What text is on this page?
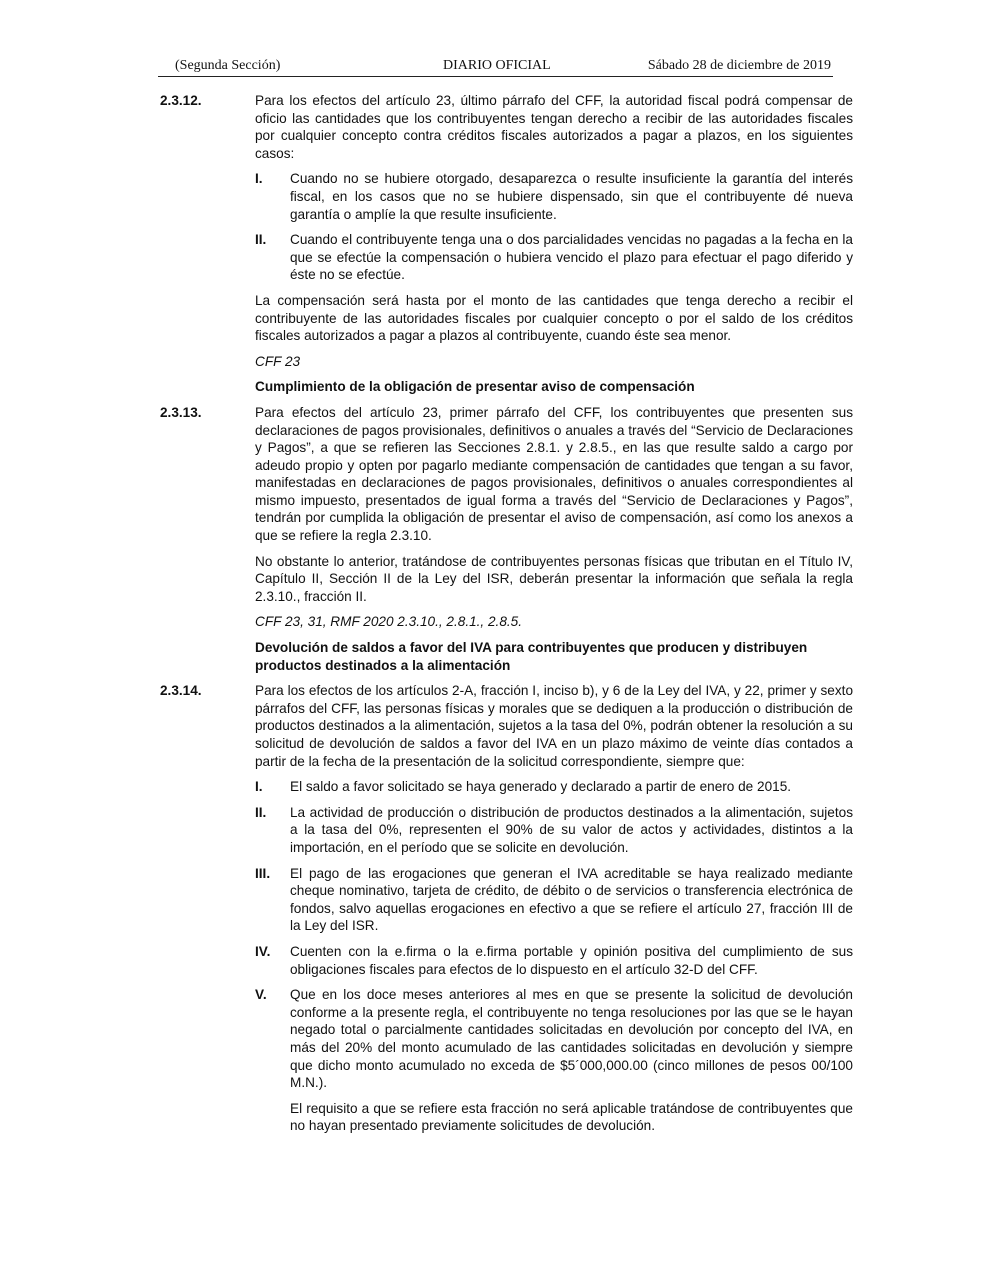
(Segunda Sección)	DIARIO OFICIAL	Sábado 28 de diciembre de 2019
2.3.12.	Para los efectos del artículo 23, último párrafo del CFF, la autoridad fiscal podrá compensar de oficio las cantidades que los contribuyentes tengan derecho a recibir de las autoridades fiscales por cualquier concepto contra créditos fiscales autorizados a pagar a plazos, en los siguientes casos:

I. Cuando no se hubiere otorgado, desaparezca o resulte insuficiente la garantía del interés fiscal, en los casos que no se hubiere dispensado, sin que el contribuyente dé nueva garantía o amplíe la que resulte insuficiente.

II. Cuando el contribuyente tenga una o dos parcialidades vencidas no pagadas a la fecha en la que se efectúe la compensación o hubiera vencido el plazo para efectuar el pago diferido y éste no se efectúe.

La compensación será hasta por el monto de las cantidades que tenga derecho a recibir el contribuyente de las autoridades fiscales por cualquier concepto o por el saldo de los créditos fiscales autorizados a pagar a plazos al contribuyente, cuando éste sea menor.

CFF 23

Cumplimiento de la obligación de presentar aviso de compensación

2.3.13.	Para efectos del artículo 23, primer párrafo del CFF, los contribuyentes que presenten sus declaraciones de pagos provisionales, definitivos o anuales a través del “Servicio de Declaraciones y Pagos”, a que se refieren las Secciones 2.8.1. y 2.8.5., en las que resulte saldo a cargo por adeudo propio y opten por pagarlo mediante compensación de cantidades que tengan a su favor, manifestadas en declaraciones de pagos provisionales, definitivos o anuales correspondientes al mismo impuesto, presentados de igual forma a través del “Servicio de Declaraciones y Pagos”, tendrán por cumplida la obligación de presentar el aviso de compensación, así como los anexos a que se refiere la regla 2.3.10.

No obstante lo anterior, tratándose de contribuyentes personas físicas que tributan en el Título IV, Capítulo II, Sección II de la Ley del ISR, deberán presentar la información que señala la regla 2.3.10., fracción II.

CFF 23, 31, RMF 2020 2.3.10., 2.8.1., 2.8.5.

Devolución de saldos a favor del IVA para contribuyentes que producen y distribuyen productos destinados a la alimentación

2.3.14.	Para los efectos de los artículos 2-A, fracción I, inciso b), y 6 de la Ley del IVA, y 22, primer y sexto párrafos del CFF, las personas físicas y morales que se dediquen a la producción o distribución de productos destinados a la alimentación, sujetos a la tasa del 0%, podrán obtener la resolución a su solicitud de devolución de saldos a favor del IVA en un plazo máximo de veinte días contados a partir de la fecha de la presentación de la solicitud correspondiente, siempre que:

I. El saldo a favor solicitado se haya generado y declarado a partir de enero de 2015.

II. La actividad de producción o distribución de productos destinados a la alimentación, sujetos a la tasa del 0%, representen el 90% de su valor de actos y actividades, distintos a la importación, en el período que se solicite en devolución.

III. El pago de las erogaciones que generan el IVA acreditable se haya realizado mediante cheque nominativo, tarjeta de crédito, de débito o de servicios o transferencia electrónica de fondos, salvo aquellas erogaciones en efectivo a que se refiere el artículo 27, fracción III de la Ley del ISR.

IV. Cuenten con la e.firma o la e.firma portable y opinión positiva del cumplimiento de sus obligaciones fiscales para efectos de lo dispuesto en el artículo 32-D del CFF.

V. Que en los doce meses anteriores al mes en que se presente la solicitud de devolución conforme a la presente regla, el contribuyente no tenga resoluciones por las que se le hayan negado total o parcialmente cantidades solicitadas en devolución por concepto del IVA, en más del 20% del monto acumulado de las cantidades solicitadas en devolución y siempre que dicho monto acumulado no exceda de $5´000,000.00 (cinco millones de pesos 00/100 M.N.).

El requisito a que se refiere esta fracción no será aplicable tratándose de contribuyentes que no hayan presentado previamente solicitudes de devolución.
